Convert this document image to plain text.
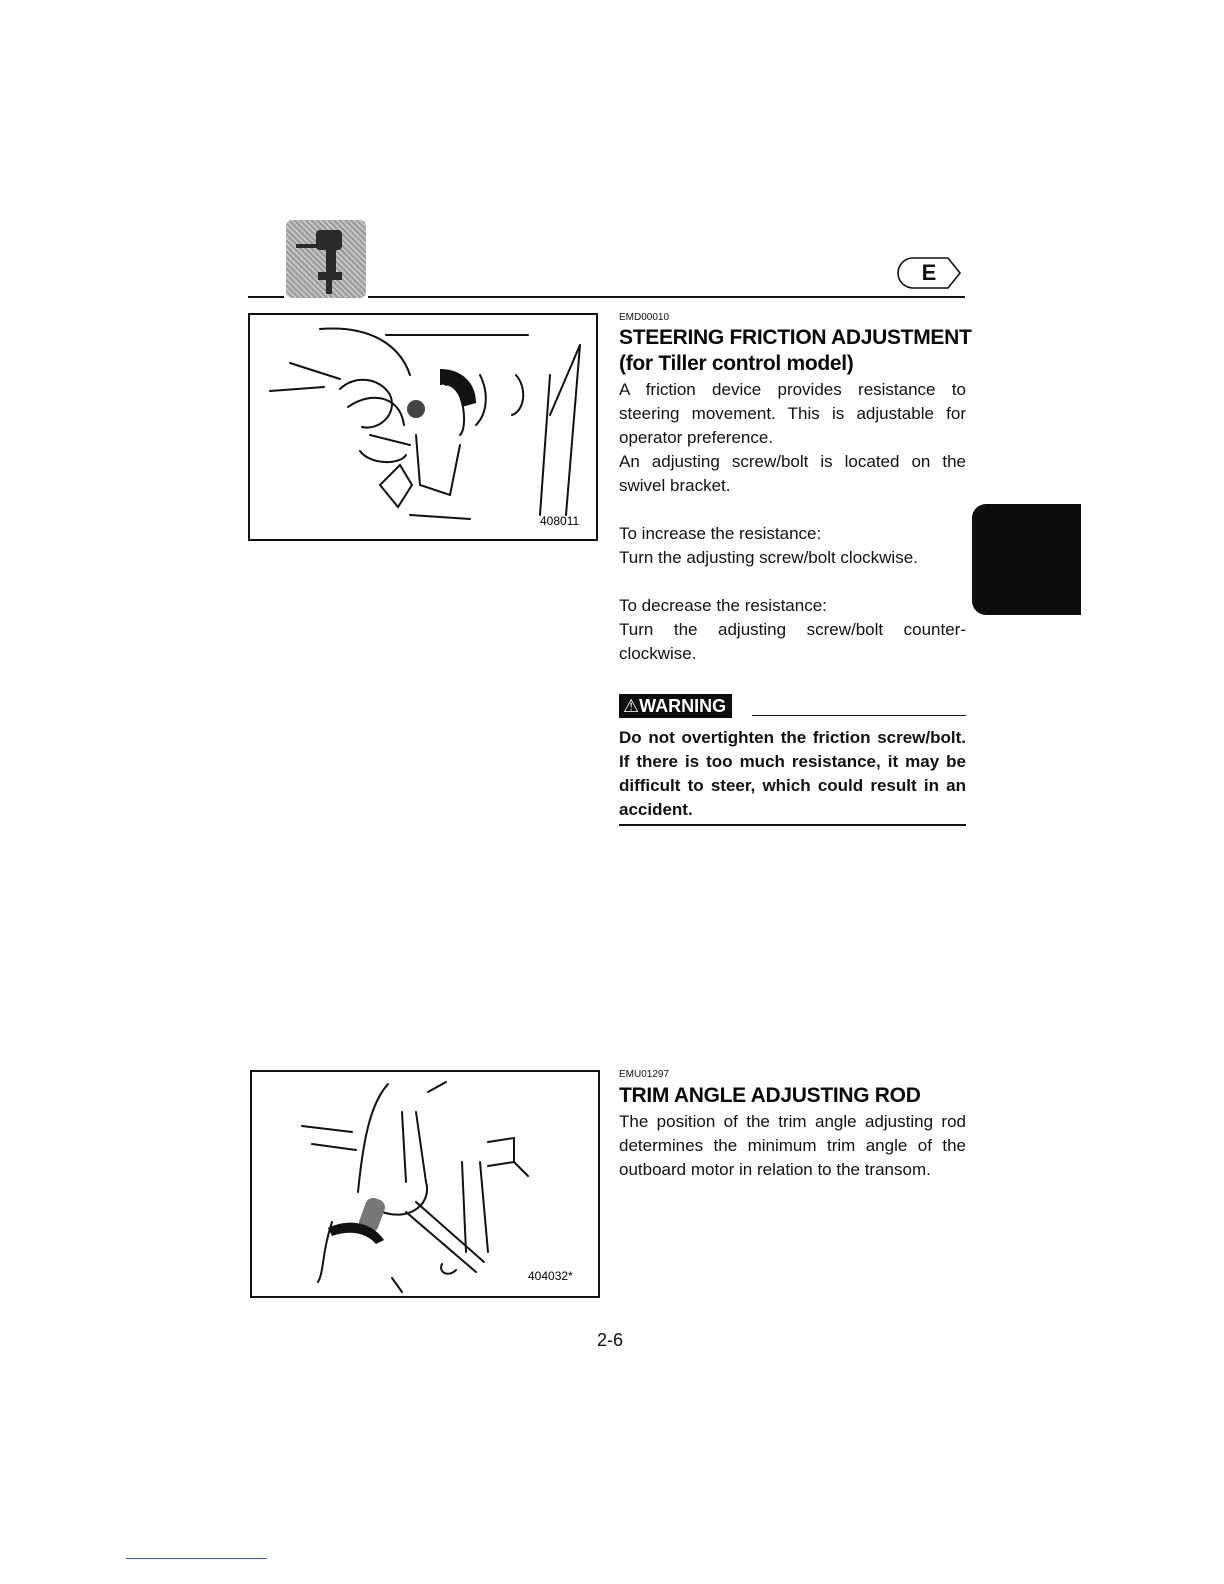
E
408011
EMD00010
STEERING FRICTION ADJUSTMENT
(for Tiller control model)
A friction device provides resistance to steering movement. This is adjustable for operator preference.
An adjusting screw/bolt is located on the swivel bracket.
To increase the resistance:
Turn the adjusting screw/bolt clockwise.
To decrease the resistance:
Turn the adjusting screw/bolt counter-clockwise.
⚠WARNING
Do not overtighten the friction screw/bolt. If there is too much resistance, it may be difficult to steer, which could result in an accident.
404032*
EMU01297
TRIM ANGLE ADJUSTING ROD
The position of the trim angle adjusting rod determines the minimum trim angle of the outboard motor in relation to the transom.
2-6
